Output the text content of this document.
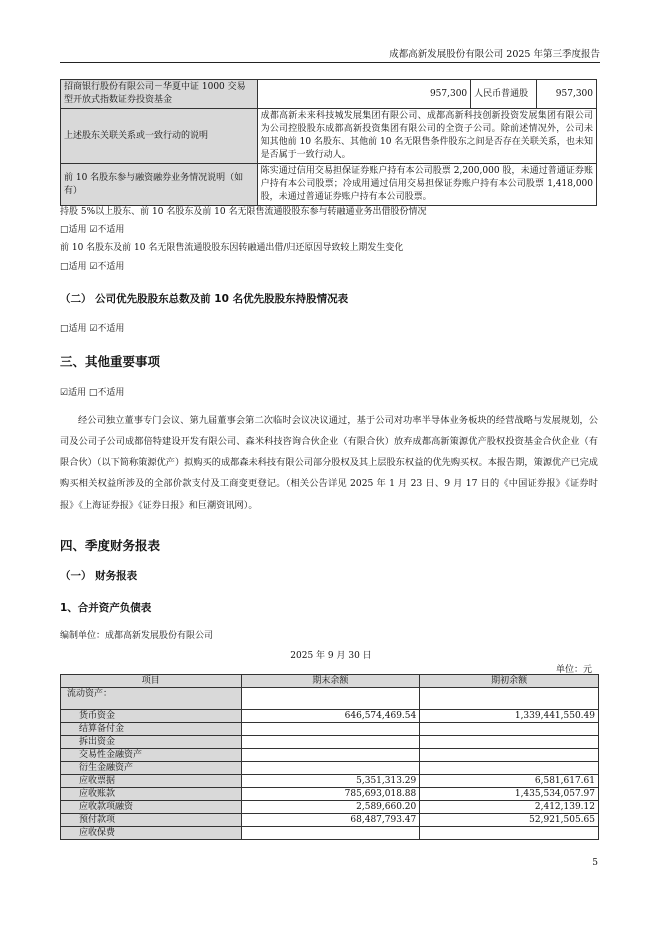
成都高新发展股份有限公司 2025 年第三季度报告
招商银行股份有限公司－华夏中证 1000 交易型开放式指数证券投资基金	957,300	人民币普通股	957,300
上述股东关联关系或一致行动的说明	成都高新未来科技城发展集团有限公司、成都高新科技创新投资发展集团有限公司为公司控股股东成都高新投资集团有限公司的全资子公司。除前述情况外，公司未知其他前 10 名股东、其他前 10 名无限售条件股东之间是否存在关联关系，也未知是否属于一致行动人。		
前 10 名股东参与融资融券业务情况说明（如有）	陈实通过信用交易担保证券账户持有本公司股票 2,200,000 股，未通过普通证券账户持有本公司股票；冷成用通过信用交易担保证券账户持有本公司股票 1,418,000 股，未通过普通证券账户持有本公司股票。		
持股 5%以上股东、前 10 名股东及前 10 名无限售流通股股东参与转融通业务出借股份情况
□适用 ☑不适用
前 10 名股东及前 10 名无限售流通股股东因转融通出借/归还原因导致较上期发生变化
□适用 ☑不适用
（二） 公司优先股股东总数及前 10 名优先股股东持股情况表
□适用 ☑不适用
三、其他重要事项
☑适用 □不适用
经公司独立董事专门会议、第九届董事会第二次临时会议决议通过，基于公司对功率半导体业务板块的经营战略与发展规划，公司及公司子公司成都倍特建设开发有限公司、森米科技咨询合伙企业（有限合伙）放弃成都高新策源优产股权投资基金合伙企业（有限合伙）（以下简称策源优产）拟购买的成都森未科技有限公司部分股权及其上层股东权益的优先购买权。本报告期，策源优产已完成购买相关权益所涉及的全部价款支付及工商变更登记。（相关公告详见 2025 年 1 月 23 日、9 月 17 日的《中国证券报》《证券时报》《上海证券报》《证券日报》和巨潮资讯网）。
四、季度财务报表
（一） 财务报表
1、合并资产负债表
编制单位：成都高新发展股份有限公司
2025 年 9 月 30 日
单位：元
项目	期末余额	期初余额
流动资产：		
货币资金	646,574,469.54	1,339,441,550.49
结算备付金		
拆出资金		
交易性金融资产		
衍生金融资产		
应收票据	5,351,313.29	6,581,617.61
应收账款	785,693,018.88	1,435,534,057.97
应收款项融资	2,589,660.20	2,412,139.12
预付款项	68,487,793.47	52,921,505.65
应收保费		
5
